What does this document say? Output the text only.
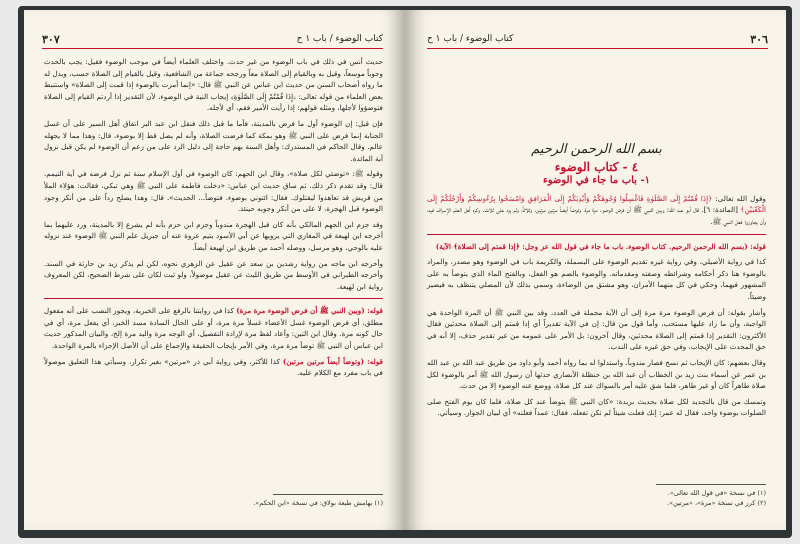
كتاب الوضوء / باب ١ ح
٣٠٧

حديث أنس في ذلك في باب الوضوء من غير حدث. واختلف العلماء أيضاً في موجب الوضوء فقيل: يجب بالحدث وجوباً موسعاً، وقيل به وبالقيام إلى الصلاة معاً ورجحه جماعة من الشافعية، وقيل بالقيام إلى الصلاة حسب، ويدل له ما رواه أصحاب السنن من حديث ابن عباس عن النبي ﷺ قال: «إنما أمرت بالوضوء إذا قمت إلى الصلاة» واستنبط بعض العلماء من قوله تعالى: ﴿إِذَا قُمْتُمْ إِلَى الصَّلَوٰةِ﴾ إيجاب النية في الوضوء، لأن التقدير إذا أردتم القيام إلى الصلاة فتوضؤوا لأجلها، ومثله قولهم: إذا رأيت الأمير فقم، أي لأجله.

فإن قيل: إن الوضوء أول ما فرض بالمدينة، فأما ما قبل ذلك فنقل ابن عبد البر اتفاق أهل السير على أن غسل الجنابة إنما فرض على النبي ﷺ وهو بمكة كما فرضت الصلاة، وأنه لم يصل قط إلا بوضوء، قال: وهذا مما لا يجهله عالم. وقال الحاكم في المستدرك: وأهل السنة بهم حاجة إلى دليل الرد على من زعم أن الوضوء لم يكن قبل نزول آية المائدة.

وقوله ﷺ: «توضئي لكل صلاة»، وقال ابن الجهم: كان الوضوء في أول الإسلام سنة ثم نزل فرضه في آية التيمم. قال: وقد تقدم ذكر ذلك. ثم ساق حديث ابن عباس: «دخلت فاطمة على النبي ﷺ وهي تبكي، فقالت: هؤلاء الملأ من قريش قد تعاهدوا ليقتلوك. فقال: ائتوني بوضوء. فتوضأ... الحديث». قال: وهذا يصلح رداً على من أنكر وجود الوضوء قبل الهجرة، لا على من أنكر وجوبه حينئذ.

وقد جزم ابن الجهم المالكي بأنه كان قبل الهجرة مندوباً وجزم ابن حزم بأنه لم يشرع إلا بالمدينة، ورد عليهما بما أخرجه ابن لهيعة في المغازي التي يرويها عن أبي الأسود يتيم عروة عنه أن جبريل علم النبي ﷺ الوضوء عند نزوله عليه بالوحي، وهو مرسل، ووصله أحمد من طريق ابن لهيعة أيضاً.

وأخرجه ابن ماجه من رواية رشدين بن سعد عن عقيل عن الزهري نحوه، لكن لم يذكر زيد بن حارثة في السند. وأخرجه الطبراني في الأوسط من طريق الليث عن عقيل موصولاً، ولو ثبت لكان على شرط الصحيح، لكن المعروف رواية ابن لهيعة.

قوله: (وبين النبي ﷺ أن فرض الوضوء مرة مرة) كذا في روايتنا بالرفع على الخبرية، ويجوز النصب على أنه مفعول مطلق، أي فرض الوضوء غسل الأعضاء غسلاً مرة مرة، أو على الحال السادة مسد الخبر، أي يفعل مرة، أي في حال كونه مرة. وقال ابن التين: وأعاد لفظ مرة لإرادة التفصيل، أي الوجه مرة واليد مرة إلخ، والبيان المذكور حديث ابن عباس أن النبي ﷺ توضأ مرة مرة، وفي الأمر بإيجاب الحقيقة والإجماع على أن الأصل الإجزاء بالمرة الواحدة.

قوله: (وتوضأ أيضاً مرتين مرتين) كذا للأكثر، وفي رواية أبي ذر «مرتين» بغير تكرار، وسيأتي هذا التعليق موصولاً في باب مفرد مع الكلام عليه.

(١) بهامش طبعة بولاق: في نسخة «ابن الحكم».
٣٠٦
كتاب الوضوء / باب ١ ح
بسم الله الرحمن الرحيم
٤ - كتاب الوضوء
١- باب ما جاء في الوضوء

وقول الله تعالى: ﴿إِذَا قُمْتُمْ إِلَى الصَّلَوٰةِ فَاغْسِلُوا وُجُوهَكُمْ وَأَيْدِيَكُمْ إِلَى الْمَرَافِقِ وَامْسَحُوا بِرُءُوسِكُمْ وَأَرْجُلَكُمْ إِلَى الْكَعْبَيْنِ﴾ [المائدة: ٦]. قال أبو عبد الله: وبين النبي ﷺ أن فرض الوضوء مرة مرة، وتوضأ أيضاً مرتين مرتين، وثلاثاً، ولم يزد على ثلاث. وكره أهل العلم الإسراف فيه، وأن يجاوزوا فعل النبي ﷺ.

قوله: (بسم الله الرحمن الرحيم. كتاب الوضوء. باب ما جاء في قول الله عز وجل: ﴿إذا قمتم إلى الصلاة﴾ الآية)

كذا في رواية الأصيلي، وفي رواية غيره تقديم الوضوء على البسملة، والكريمة باب في الوضوء وهو مصدر، والمراد بالوضوء هنا ذكر أحكامه وشرائطه وصفته ومقدماته. والوضوء بالضم هو الفعل، وبالفتح الماء الذي يتوضأ به على المشهور فيهما، وحكي في كل منهما الأمران، وهو مشتق من الوضاءة، وسمي بذلك لأن المصلي يتنظف به فيصير وضيئاً.

وأشار بقوله: أن فرض الوضوء مرة مرة إلى أن الآية مجملة في العدد، وقد بين النبي ﷺ أن المرة الواحدة هي الواجبة، وأن ما زاد عليها مستحب، وأما قول من قال: إن في الآية تقديراً أي إذا قمتم إلى الصلاة محدثين فقال الأكثرون: التقدير إذا قمتم إلى الصلاة محدثين، وقال آخرون: بل الأمر على عمومه من غير تقدير حذف، إلا أنه في حق المحدث على الإيجاب، وفي حق غيره على الندب.

وقال بعضهم: كان الإيجاب ثم نسخ فصار مندوباً. واستدلوا له بما رواه أحمد وأبو داود من طريق عبد الله بن عبد الله بن عمر عن أسماء بنت زيد بن الخطاب أن عبد الله بن حنظلة الأنصاري حدثها أن رسول الله ﷺ أمر بالوضوء لكل صلاة طاهراً كان أو غير طاهر، فلما شق عليه أمر بالسواك عند كل صلاة، ووضع عنه الوضوء إلا من حدث.

وتمسك من قال بالتجديد لكل صلاة بحديث بريدة: «كان النبي ﷺ يتوضأ عند كل صلاة، فلما كان يوم الفتح صلى الصلوات بوضوء واحد، فقال له عمر: إنك فعلت شيئاً لم تكن تفعله. فقال: عمداً فعلته» أي لبيان الجواز. وسيأتي.

(١) في نسخة «في قول الله تعالى».
(٢) كرر في نسخة «مرة»، «مرتين».
